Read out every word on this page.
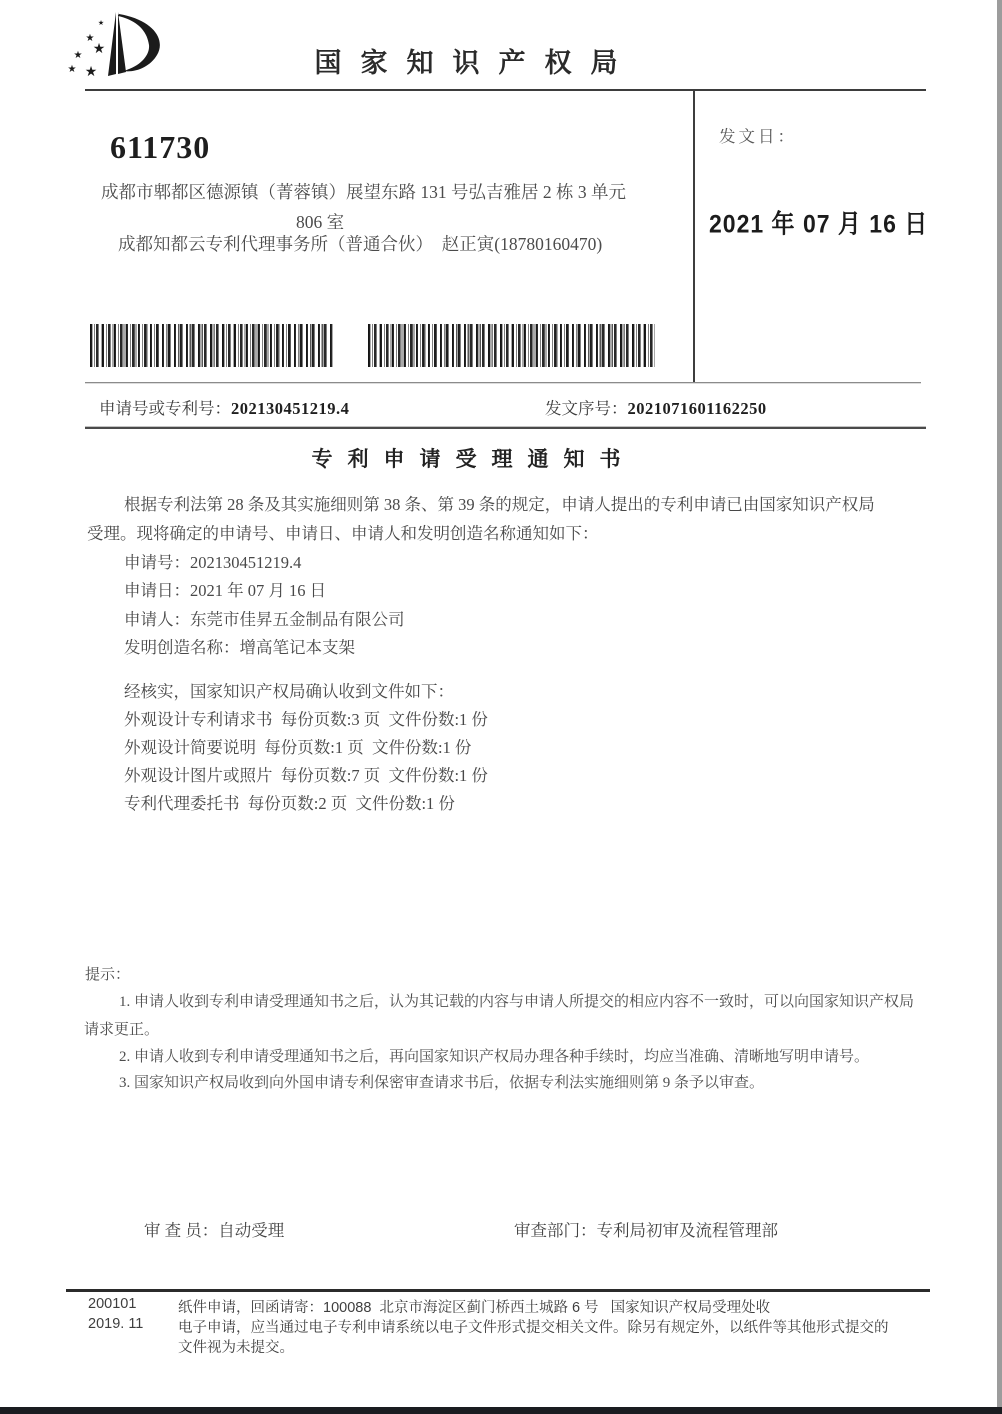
★
★
★
★
★ ★	国家知识产权局
611730
成都市郫都区德源镇（菁蓉镇）展望东路 131 号弘吉雅居 2 栋 3 单元
806 室
成都知都云专利代理事务所（普通合伙）  赵正寅(18780160470)
发文日：
2021 年 07 月 16 日
申请号或专利号：202130451219.4	发文序号：2021071601162250
专利申请受理通知书
根据专利法第 28 条及其实施细则第 38 条、第 39 条的规定，申请人提出的专利申请已由国家知识产权局
受理。现将确定的申请号、申请日、申请人和发明创造名称通知如下：
申请号：202130451219.4
申请日：2021 年 07 月 16 日
申请人：东莞市佳昇五金制品有限公司
发明创造名称：增高笔记本支架
经核实，国家知识产权局确认收到文件如下：
外观设计专利请求书  每份页数:3 页  文件份数:1 份
外观设计简要说明  每份页数:1 页  文件份数:1 份
外观设计图片或照片  每份页数:7 页  文件份数:1 份
专利代理委托书  每份页数:2 页  文件份数:1 份
提示：
1. 申请人收到专利申请受理通知书之后，认为其记载的内容与申请人所提交的相应内容不一致时，可以向国家知识产权局
请求更正。
2. 申请人收到专利申请受理通知书之后，再向国家知识产权局办理各种手续时，均应当准确、清晰地写明申请号。
3. 国家知识产权局收到向外国申请专利保密审查请求书后，依据专利法实施细则第 9 条予以审查。
审 查 员：自动受理	审查部门：专利局初审及流程管理部
200101
2019. 11
纸件申请，回函请寄：100088  北京市海淀区蓟门桥西土城路 6 号   国家知识产权局受理处收
电子申请，应当通过电子专利申请系统以电子文件形式提交相关文件。除另有规定外，以纸件等其他形式提交的
文件视为未提交。
